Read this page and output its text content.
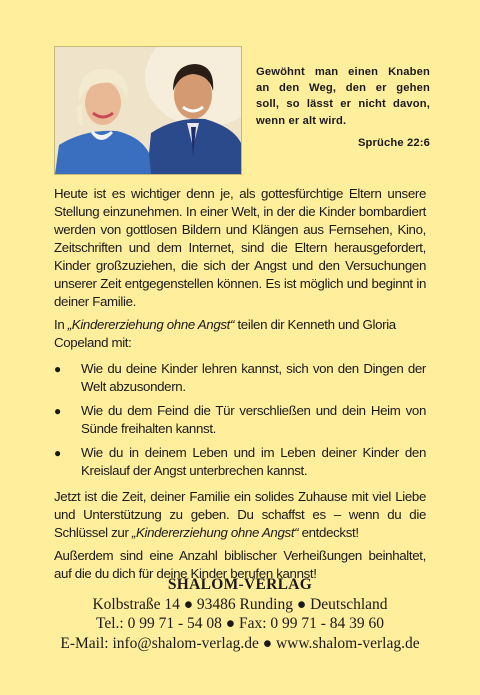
Gewöhnt man einen Knaben
an den Weg, den er gehen
soll, so lässt er nicht davon,
wenn er alt wird.

Sprüche 22:6

Heute ist es wichtiger denn je, als gottesfürchtige Eltern unsere Stellung einzunehmen. In einer Welt, in der die Kinder bombardiert werden von gottlosen Bildern und Klängen aus Fernsehen, Kino, Zeitschriften und dem Internet, sind die Eltern herausgefordert, Kinder großzuziehen, die sich der Angst und den Versuchungen unserer Zeit entgegenstellen können. Es ist möglich und beginnt in deiner Familie.

In „Kindererziehung ohne Angst“ teilen dir Kenneth und Gloria Copeland mit:

● Wie du deine Kinder lehren kannst, sich von den Dingen der Welt abzusondern.
● Wie du dem Feind die Tür verschließen und dein Heim von Sünde freihalten kannst.
● Wie du in deinem Leben und im Leben deiner Kinder den Kreislauf der Angst unterbrechen kannst.

Jetzt ist die Zeit, deiner Familie ein solides Zuhause mit viel Liebe und Unterstützung zu geben. Du schaffst es – wenn du die Schlüssel zur „Kindererziehung ohne Angst“ entdeckst!

Außerdem sind eine Anzahl biblischer Verheißungen beinhaltet, auf die du dich für deine Kinder berufen kannst!

SHALOM-VERLAG
Kolbstraße 14 ● 93486 Runding ● Deutschland
Tel.: 0 99 71 - 54 08 ● Fax: 0 99 71 - 84 39 60
E-Mail: info@shalom-verlag.de ● www.shalom-verlag.de
